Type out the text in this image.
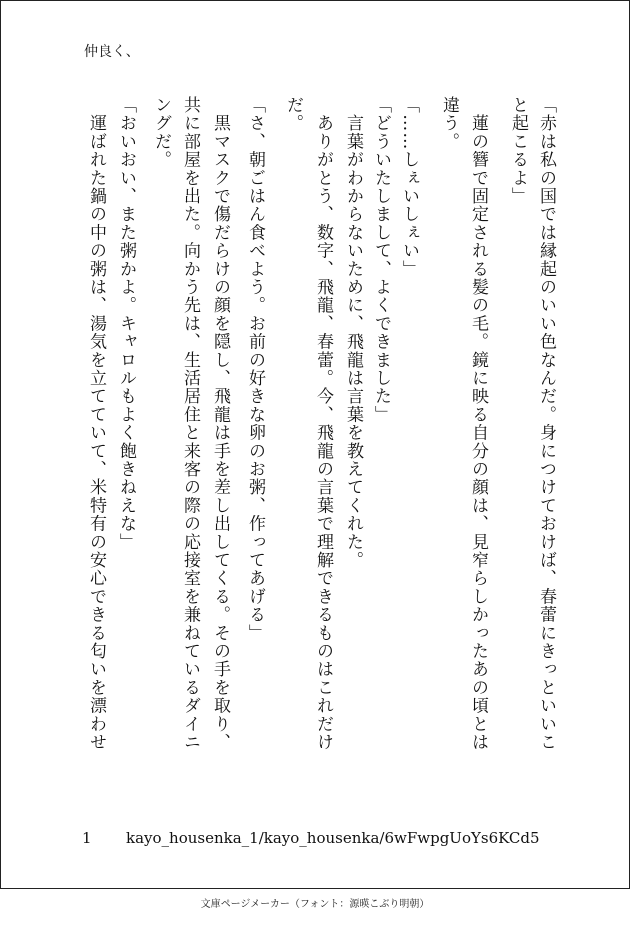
仲良く、
「赤は私の国では縁起のいい色なんだ。身につけておけば、春蕾にきっといいこ
と起こるよ」
　蓮の簪で固定される髪の毛。鏡に映る自分の顔は、見窄らしかったあの頃とは
違う。
「……しぇいしぇい」
「どういたしまして、よくできました」
　言葉がわからないために、飛龍は言葉を教えてくれた。
　ありがとう、数字、飛龍、春蕾。今、飛龍の言葉で理解できるものはこれだけ
だ。
「さ、朝ごはん食べよう。お前の好きな卵のお粥、作ってあげる」
　黒マスクで傷だらけの顔を隠し、飛龍は手を差し出してくる。その手を取り、
共に部屋を出た。向かう先は、生活居住と来客の際の応接室を兼ねているダイニ
ングだ。
「おいおい、また粥かよ。キャロルもよく飽きねえな」
　運ばれた鍋の中の粥は、湯気を立てていて、米特有の安心できる匂いを漂わせ
1 kayo_housenka_1/kayo_housenka/6wFwpgUoYs6KCd5
文庫ページメーカー（フォント：源暎こぶり明朝）
